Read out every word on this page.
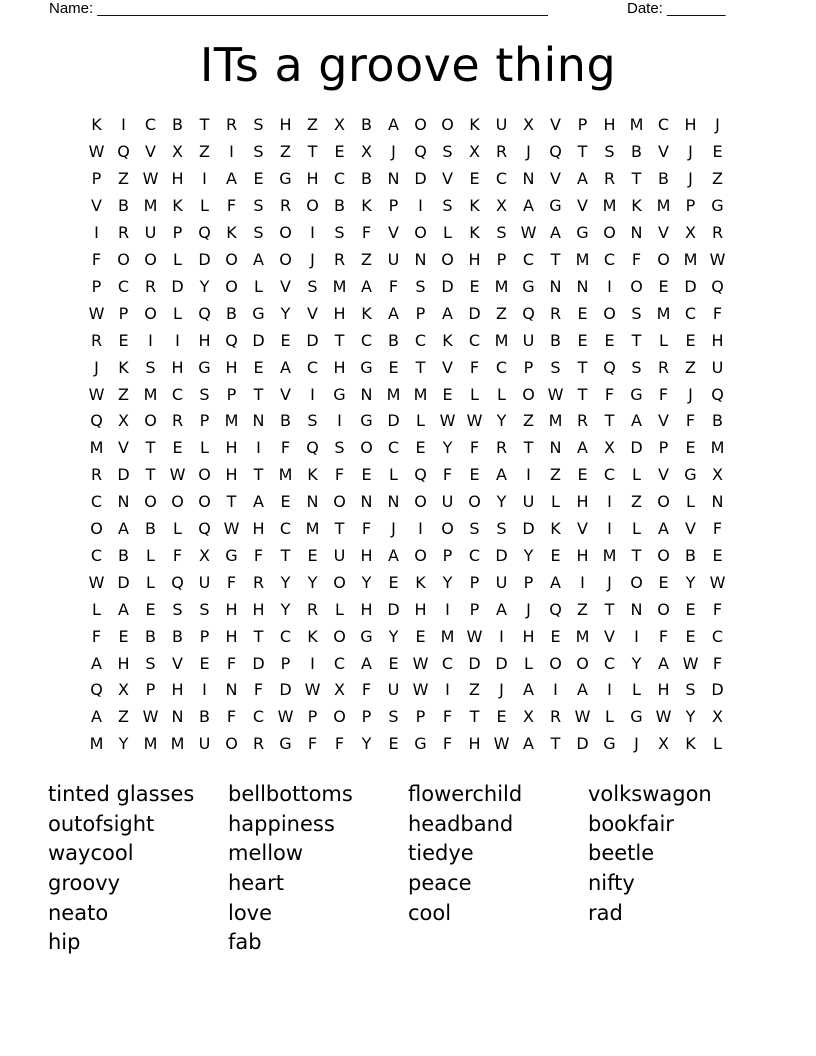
Name: ______________________________________________________	Date: _______
ITs a groove thing
K	I	C B	T	R	S H Z	X	B	A O O K U X	V	P	H M C H	J
W Q V	X	Z	I	S	Z	T	E	X	J	Q S	X R	J	Q T	S	B	V	J	E
P	Z W H	I	A	E G H C B N D V	E	C N V	A R	T	B	J	Z
V	B M K	L	F	S	R O B	K	P	I	S	K	X	A G V M K M P G
I	R U	P Q K	S O	I	S	F	V O	L	K	S W A G O N V	X R
F	O O	L	D O A O	J	R Z U N O H	P	C	T M C	F	O M W
P	C R D Y O	L	V	S M A	F	S D E M G N N	I	O E D Q
W P O	L	Q B G Y	V H K	A	P	A D Z Q R	E O S M C	F
R	E	I	I	H Q D E D T	C B C	K	C M U B	E	E	T	L	E H
J	K	S H G H E	A C H G E	T	V	F	C	P	S	T Q S	R Z U
W Z M C	S	P	T	V	I	G N M M E	L	L	O W T	F	G	F	J	Q
Q X O R	P M N B	S	I	G D	L W W Y	Z M R	T	A	V	F	B
M V	T	E	L	H	I	F	Q S O C	E	Y	F	R	T	N A	X D	P	E M
R D T W O H	T M K	F	E	L	Q	F	E	A	I	Z	E	C	L	V G X
C N O O O T	A	E N O N N O U O Y	U	L	H	I	Z O	L	N
O A	B	L	Q W H C M T	F	J	I	O S	S D K	V	I	L	A	V	F
C B	L	F	X G	F	T	E	U H A O P	C D Y	E H M T O B	E
W D	L	Q U	F	R	Y	Y O Y	E	K	Y	P	U	P	A	I	J	O E	Y W
L	A	E	S	S H H	Y	R	L	H D H	I	P	A	J	Q Z	T	N O E	F
F	E	B	B	P	H	T	C	K O G Y	E M W	I	H E M V	I	F	E	C
A H S	V	E	F	D	P	I	C A	E W C D D	L	O O C	Y	A W F
Q X	P	H	I	N	F	D W X	F	U W	I	Z	J	A	I	A	I	L	H S D
A	Z W N B	F	C W P O P	S	P	F	T	E	X R W L	G W Y	X
M Y M M U O R G	F	F	Y	E G	F	H W A	T D G	J	X	K	L
tinted glasses	bellbottoms	flowerchild	volkswagon
outofsight	happiness	headband	bookfair
waycool	mellow	tiedye	beetle
groovy	heart	peace	nifty
neato	love	cool	rad
hip	fab
